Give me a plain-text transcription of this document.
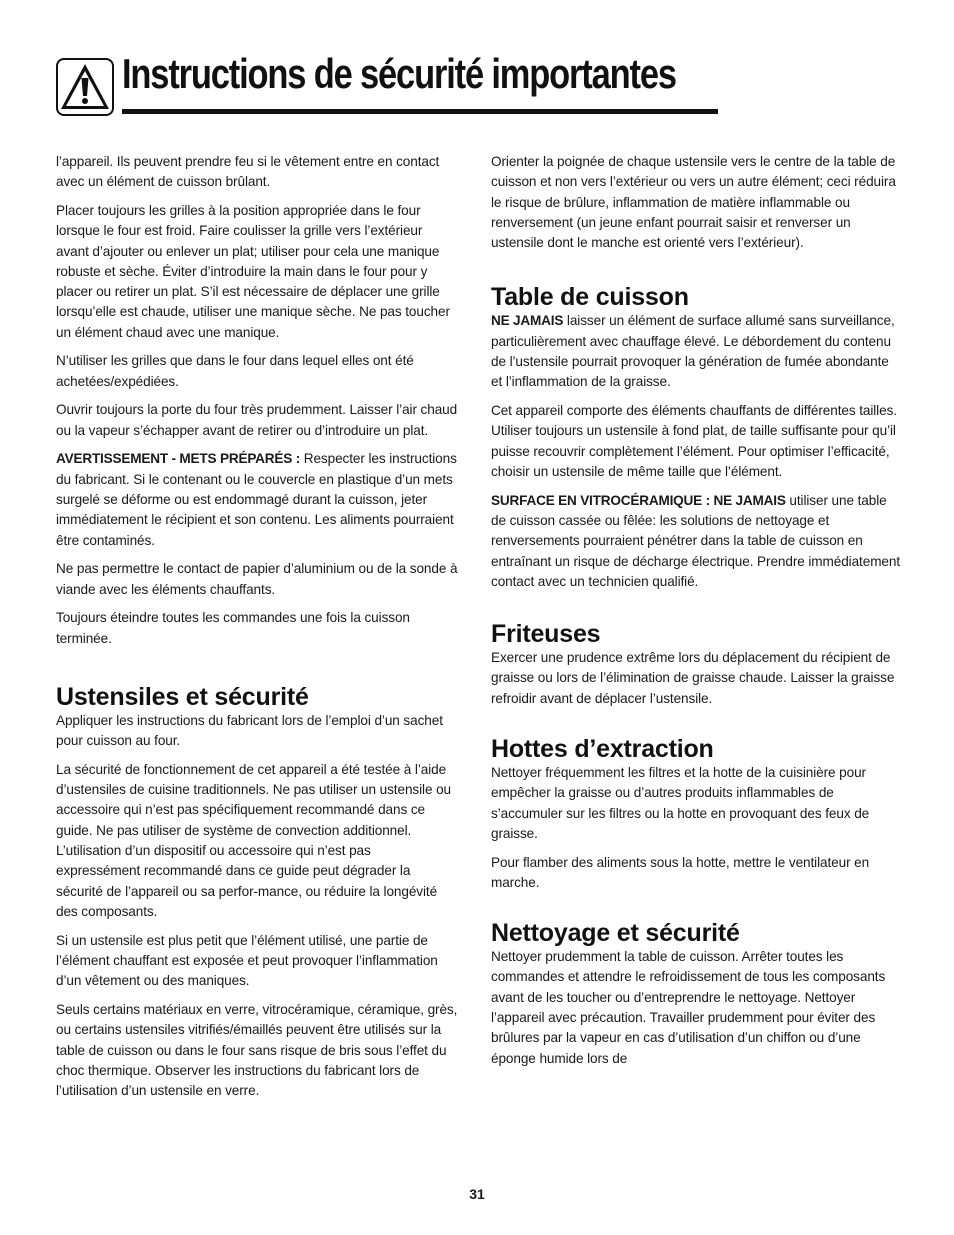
Instructions de sécurité importantes

l’appareil. Ils peuvent prendre feu si le vêtement entre en contact avec un élément de cuisson brûlant.

Placer toujours les grilles à la position appropriée dans le four lorsque le four est froid. Faire coulisser la grille vers l’extérieur avant d’ajouter ou enlever un plat; utiliser pour cela une manique robuste et sèche. Éviter d’introduire la main dans le four pour y placer ou retirer un plat. S’il est nécessaire de déplacer une grille lorsqu’elle est chaude, utiliser une manique sèche. Ne pas toucher un élément chaud avec une manique.

N’utiliser les grilles que dans le four dans lequel elles ont été achetées/expédiées.

Ouvrir toujours la porte du four très prudemment. Laisser l’air chaud ou la vapeur s’échapper avant de retirer ou d’introduire un plat.

AVERTISSEMENT - METS PRÉPARÉS : Respecter les instructions du fabricant. Si le contenant ou le couvercle en plastique d’un mets surgelé se déforme ou est endommagé durant la cuisson, jeter immédiatement le récipient et son contenu. Les aliments pourraient être contaminés.

Ne pas permettre le contact de papier d’aluminium ou de la sonde à viande avec les éléments chauffants.

Toujours éteindre toutes les commandes une fois la cuisson terminée.

Ustensiles et sécurité

Appliquer les instructions du fabricant lors de l’emploi d’un sachet pour cuisson au four.

La sécurité de fonctionnement de cet appareil a été testée à l’aide d’ustensiles de cuisine traditionnels. Ne pas utiliser un ustensile ou accessoire qui n’est pas spécifiquement recommandé dans ce guide. Ne pas utiliser de système de convection additionnel. L’utilisation d’un dispositif ou accessoire qui n’est pas expressément recommandé dans ce guide peut dégrader la sécurité de l’appareil ou sa perfor-mance, ou réduire la longévité des composants.

Si un ustensile est plus petit que l’élément utilisé, une partie de l’élément chauffant est exposée et peut provoquer l’inflammation d’un vêtement ou des maniques.

Seuls certains matériaux en verre, vitrocéramique, céramique, grès, ou certains ustensiles vitrifiés/émaillés peuvent être utilisés sur la table de cuisson ou dans le four sans risque de bris sous l’effet du choc thermique. Observer les instructions du fabricant lors de l’utilisation d’un ustensile en verre.

Orienter la poignée de chaque ustensile vers le centre de la table de cuisson et non vers l’extérieur ou vers un autre élément; ceci réduira le risque de brûlure, inflammation de matière inflammable ou renversement (un jeune enfant pourrait saisir et renverser un ustensile dont le manche est orienté vers l’extérieur).

Table de cuisson

NE JAMAIS laisser un élément de surface allumé sans surveillance, particulièrement avec chauffage élevé. Le débordement du contenu de l’ustensile pourrait provoquer la génération de fumée abondante et l’inflammation de la graisse.

Cet appareil comporte des éléments chauffants de différentes tailles. Utiliser toujours un ustensile à fond plat, de taille suffisante pour qu’il puisse recouvrir complètement l’élément. Pour optimiser l’efficacité, choisir un ustensile de même taille que l’élément.

SURFACE EN VITROCÉRAMIQUE : NE JAMAIS utiliser une table de cuisson cassée ou fêlée: les solutions de nettoyage et renversements pourraient pénétrer dans la table de cuisson en entraînant un risque de décharge électrique. Prendre immédiatement contact avec un technicien qualifié.

Friteuses

Exercer une prudence extrême lors du déplacement du récipient de graisse ou lors de l’élimination de graisse chaude. Laisser la graisse refroidir avant de déplacer l’ustensile.

Hottes d’extraction

Nettoyer fréquemment les filtres et la hotte de la cuisinière pour empêcher la graisse ou d’autres produits inflammables de s’accumuler sur les filtres ou la hotte en provoquant des feux de graisse.

Pour flamber des aliments sous la hotte, mettre le ventilateur en marche.

Nettoyage et sécurité

Nettoyer prudemment la table de cuisson. Arrêter toutes les commandes et attendre le refroidissement de tous les composants avant de les toucher ou d’entreprendre le nettoyage. Nettoyer l’appareil avec précaution. Travailler prudemment pour éviter des brûlures par la vapeur en cas d’utilisation d’un chiffon ou d’une éponge humide lors de

31
